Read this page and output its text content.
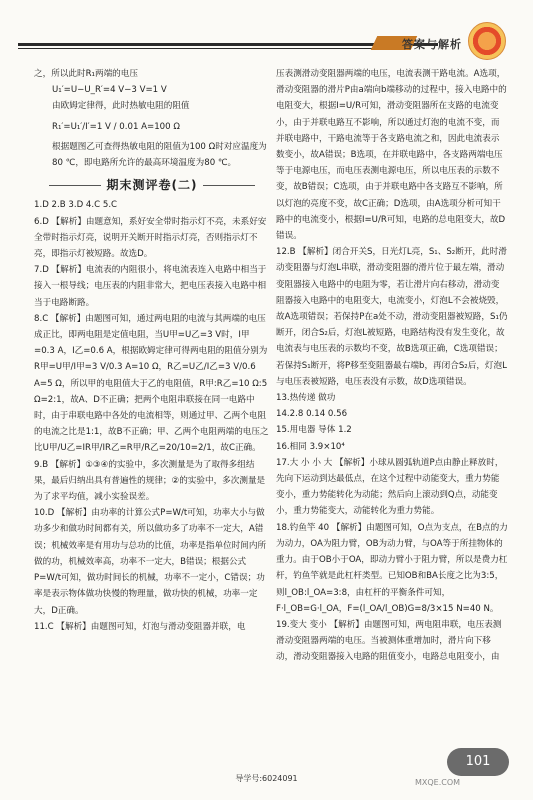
答案与解析

之，所以此时R₁两端的电压

U₁′=U−U_R′=4 V−3 V=1 V

由欧姆定律得，此时热敏电阻的阻值

R₁′=U₁′/I′=1 V / 0.01 A=100 Ω

根据题图乙可查得热敏电阻的阻值为100 Ω时对应温度为80 ℃，即电路所允许的最高环境温度为80 ℃。

期末测评卷(二)

1.D 2.B 3.D 4.C 5.C

6.D 【解析】由题意知，系好安全带时指示灯不亮，未系好安全带时指示灯亮，说明开关断开时指示灯亮，否则指示灯不亮，即指示灯被短路。故选D。

7.D 【解析】电流表的内阻很小，将电流表连入电路中相当于接入一根导线；电压表的内阻非常大，把电压表接入电路中相当于电路断路。

8.C 【解析】由题图可知，通过两电阻的电流与其两端的电压成正比，即两电阻是定值电阻，当U甲=U乙=3 V时，I甲=0.3 A，I乙=0.6 A，根据欧姆定律可得两电阻的阻值分别为R甲=U甲/I甲=3 V/0.3 A=10 Ω，R乙=U乙/I乙=3 V/0.6 A=5 Ω，所以甲的电阻值大于乙的电阻值，R甲:R乙=10 Ω:5 Ω=2:1，故A、D不正确；把两个电阻串联接在同一电路中时，由于串联电路中各处的电流相等，则通过甲、乙两个电阻的电流之比是1:1，故B不正确；甲、乙两个电阻两端的电压之比U甲/U乙=IR甲/IR乙=R甲/R乙=20/10=2/1，故C正确。

9.B 【解析】①③④的实验中，多次测量是为了取得多组结果，最后归纳出具有普遍性的规律；②的实验中，多次测量是为了求平均值，减小实验误差。

10.D 【解析】由功率的计算公式P=W/t可知，功率大小与做功多少和做功时间都有关，所以做功多了功率不一定大，A错误；机械效率是有用功与总功的比值，功率是指单位时间内所做的功，机械效率高，功率不一定大，B错误；根据公式P=W/t可知，做功时间长的机械，功率不一定小，C错误；功率是表示物体做功快慢的物理量，做功快的机械，功率一定大，D正确。

11.C 【解析】由题图可知，灯泡与滑动变阻器并联，电

压表测滑动变阻器两端的电压，电流表测干路电流。A选项，滑动变阻器的滑片P由a端向b端移动的过程中，接入电路中的电阻变大，根据I=U/R可知，滑动变阻器所在支路的电流变小，由于并联电路互不影响，所以通过灯泡的电流不变，而并联电路中，干路电流等于各支路电流之和，因此电流表示数变小，故A错误；B选项，在并联电路中，各支路两端电压等于电源电压，而电压表测电源电压，所以电压表的示数不变，故B错误；C选项，由于并联电路中各支路互不影响，所以灯泡的亮度不变，故C正确；D选项，由A选项分析可知干路中的电流变小，根据I=U/R可知，电路的总电阻变大，故D错误。

12.B 【解析】闭合开关S，日光灯L亮，S₁、S₂断开，此时滑动变阻器与灯泡L串联，滑动变阻器的滑片位于最左端，滑动变阻器接入电路中的电阻为零，若让滑片向右移动，滑动变阻器接入电路中的电阻变大，电流变小，灯泡L不会被烧毁，故A选项错误；若保持P在a处不动，滑动变阻器被短路，S₁仍断开，闭合S₂后，灯泡L被短路，电路结构没有发生变化，故电流表与电压表的示数均不变，故B选项正确，C选项错误；若保持S₁断开，将P移至变阻器最右端b，再闭合S₂后，灯泡L与电压表被短路，电压表没有示数，故D选项错误。

13.热传递 做功

14.2.8 0.14 0.56

15.用电器 导体 1.2

16.相同 3.9×10⁴

17.大 小 小 大 【解析】小球从圆弧轨道P点由静止释放时，先向下运动到达最低点，在这个过程中动能变大，重力势能变小，重力势能转化为动能；然后向上滚动到Q点，动能变小，重力势能变大，动能转化为重力势能。

18.钓鱼竿 40 【解析】由题图可知，O点为支点，在B点的力为动力，OA为阻力臂，OB为动力臂，与OA等于所挂物体的重力。由于OB小于OA，即动力臂小于阻力臂，所以是费力杠杆，钓鱼竿就是此杠杆类型。已知OB和BA长度之比为3:5，则l_OB:l_OA=3:8，由杠杆的平衡条件可知，F·l_OB=G·l_OA，F=(l_OA/l_OB)G=8/3×15 N=40 N。

19.变大 变小 【解析】由题图可知，两电阻串联，电压表测滑动变阻器两端的电压。当被测体重增加时，滑片向下移动，滑动变阻器接入电路的阻值变小，电路总电阻变小，由

101
导学号:6024091	MXQE.COM
